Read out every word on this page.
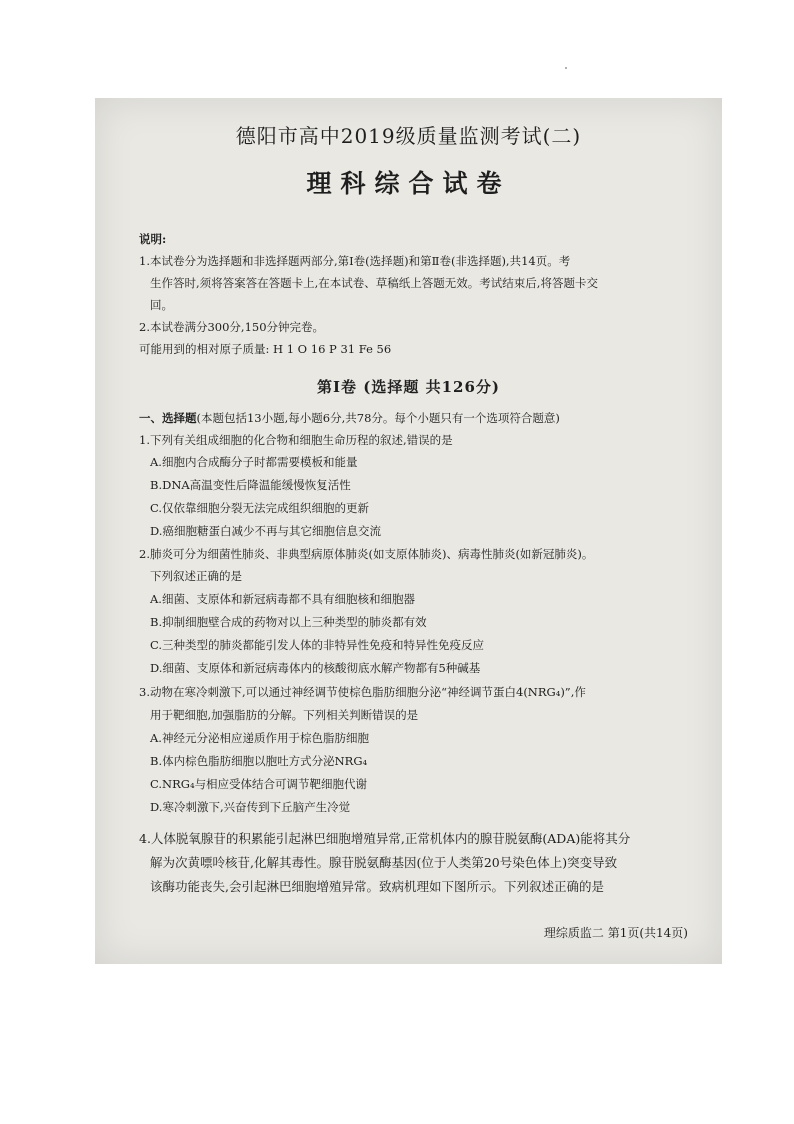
德阳市高中2019级质量监测考试(二)
理科综合试卷
说明:
1.本试卷分为选择题和非选择题两部分,第Ⅰ卷(选择题)和第Ⅱ卷(非选择题),共14页。考
生作答时,须将答案答在答题卡上,在本试卷、草稿纸上答题无效。考试结束后,将答题卡交
回。
2.本试卷满分300分,150分钟完卷。
可能用到的相对原子质量: H 1 O 16 P 31 Fe 56
第Ⅰ卷 (选择题 共126分)
一、选择题(本题包括13小题,每小题6分,共78分。每个小题只有一个选项符合题意)
1.下列有关组成细胞的化合物和细胞生命历程的叙述,错误的是
A.细胞内合成酶分子时都需要模板和能量
B.DNA高温变性后降温能缓慢恢复活性
C.仅依靠细胞分裂无法完成组织细胞的更新
D.癌细胞糖蛋白减少不再与其它细胞信息交流
2.肺炎可分为细菌性肺炎、非典型病原体肺炎(如支原体肺炎)、病毒性肺炎(如新冠肺炎)。
下列叙述正确的是
A.细菌、支原体和新冠病毒都不具有细胞核和细胞器
B.抑制细胞壁合成的药物对以上三种类型的肺炎都有效
C.三种类型的肺炎都能引发人体的非特异性免疫和特异性免疫反应
D.细菌、支原体和新冠病毒体内的核酸彻底水解产物都有5种碱基
3.动物在寒冷刺激下,可以通过神经调节使棕色脂肪细胞分泌“神经调节蛋白4(NRG₄)”,作
用于靶细胞,加强脂肪的分解。下列相关判断错误的是
A.神经元分泌相应递质作用于棕色脂肪细胞
B.体内棕色脂肪细胞以胞吐方式分泌NRG₄
C.NRG₄与相应受体结合可调节靶细胞代谢
D.寒冷刺激下,兴奋传到下丘脑产生冷觉
4.人体脱氧腺苷的积累能引起淋巴细胞增殖异常,正常机体内的腺苷脱氨酶(ADA)能将其分
解为次黄嘌呤核苷,化解其毒性。腺苷脱氨酶基因(位于人类第20号染色体上)突变导致
该酶功能丧失,会引起淋巴细胞增殖异常。致病机理如下图所示。下列叙述正确的是
理综质监二 第1页(共14页)
